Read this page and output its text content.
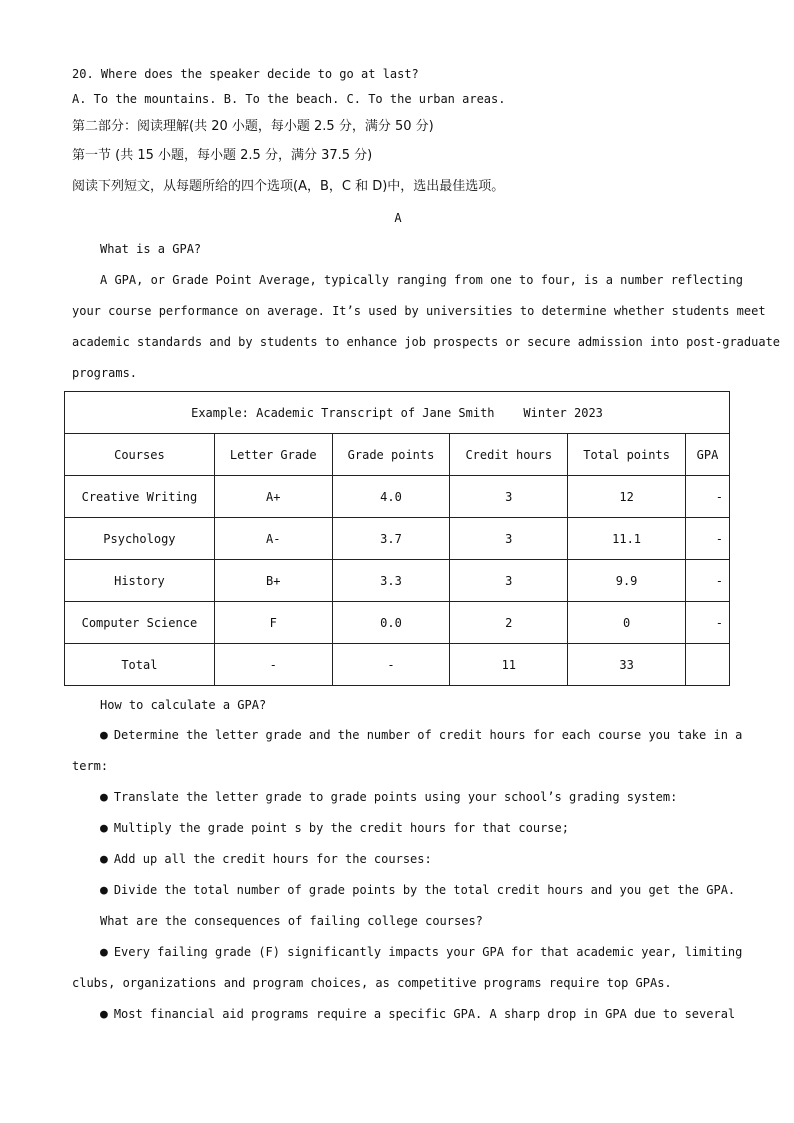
20. Where does the speaker decide to go at last?
A. To the mountains. B. To the beach. C. To the urban areas.
第二部分：阅读理解(共 20 小题，每小题 2.5 分，满分 50 分)
第一节 (共 15 小题，每小题 2.5 分，满分 37.5 分)
阅读下列短文，从每题所给的四个选项(A，B，C 和 D)中，选出最佳选项。
A
What is a GPA?
A GPA, or Grade Point Average, typically ranging from one to four, is a number reflecting
your course performance on average. It’s used by universities to determine whether students meet
academic standards and by students to enhance job prospects or secure admission into post-graduate
programs.
Example: Academic Transcript of Jane Smith    Winter 2023					
Courses	Letter Grade	Grade points	Credit hours	Total points	GPA
Creative Writing	A+	4.0	3	12	-
Psychology	A-	3.7	3	11.1	-
History	B+	3.3	3	9.9	-
Computer Science	F	0.0	2	0	-
Total	-	-	11	33	
How to calculate a GPA?
● Determine the letter grade and the number of credit hours for each course you take in a
term:
● Translate the letter grade to grade points using your school’s grading system:
● Multiply the grade point s by the credit hours for that course;
● Add up all the credit hours for the courses:
● Divide the total number of grade points by the total credit hours and you get the GPA.
What are the consequences of failing college courses?
● Every failing grade (F) significantly impacts your GPA for that academic year, limiting
clubs, organizations and program choices, as competitive programs require top GPAs.
● Most financial aid programs require a specific GPA. A sharp drop in GPA due to several
